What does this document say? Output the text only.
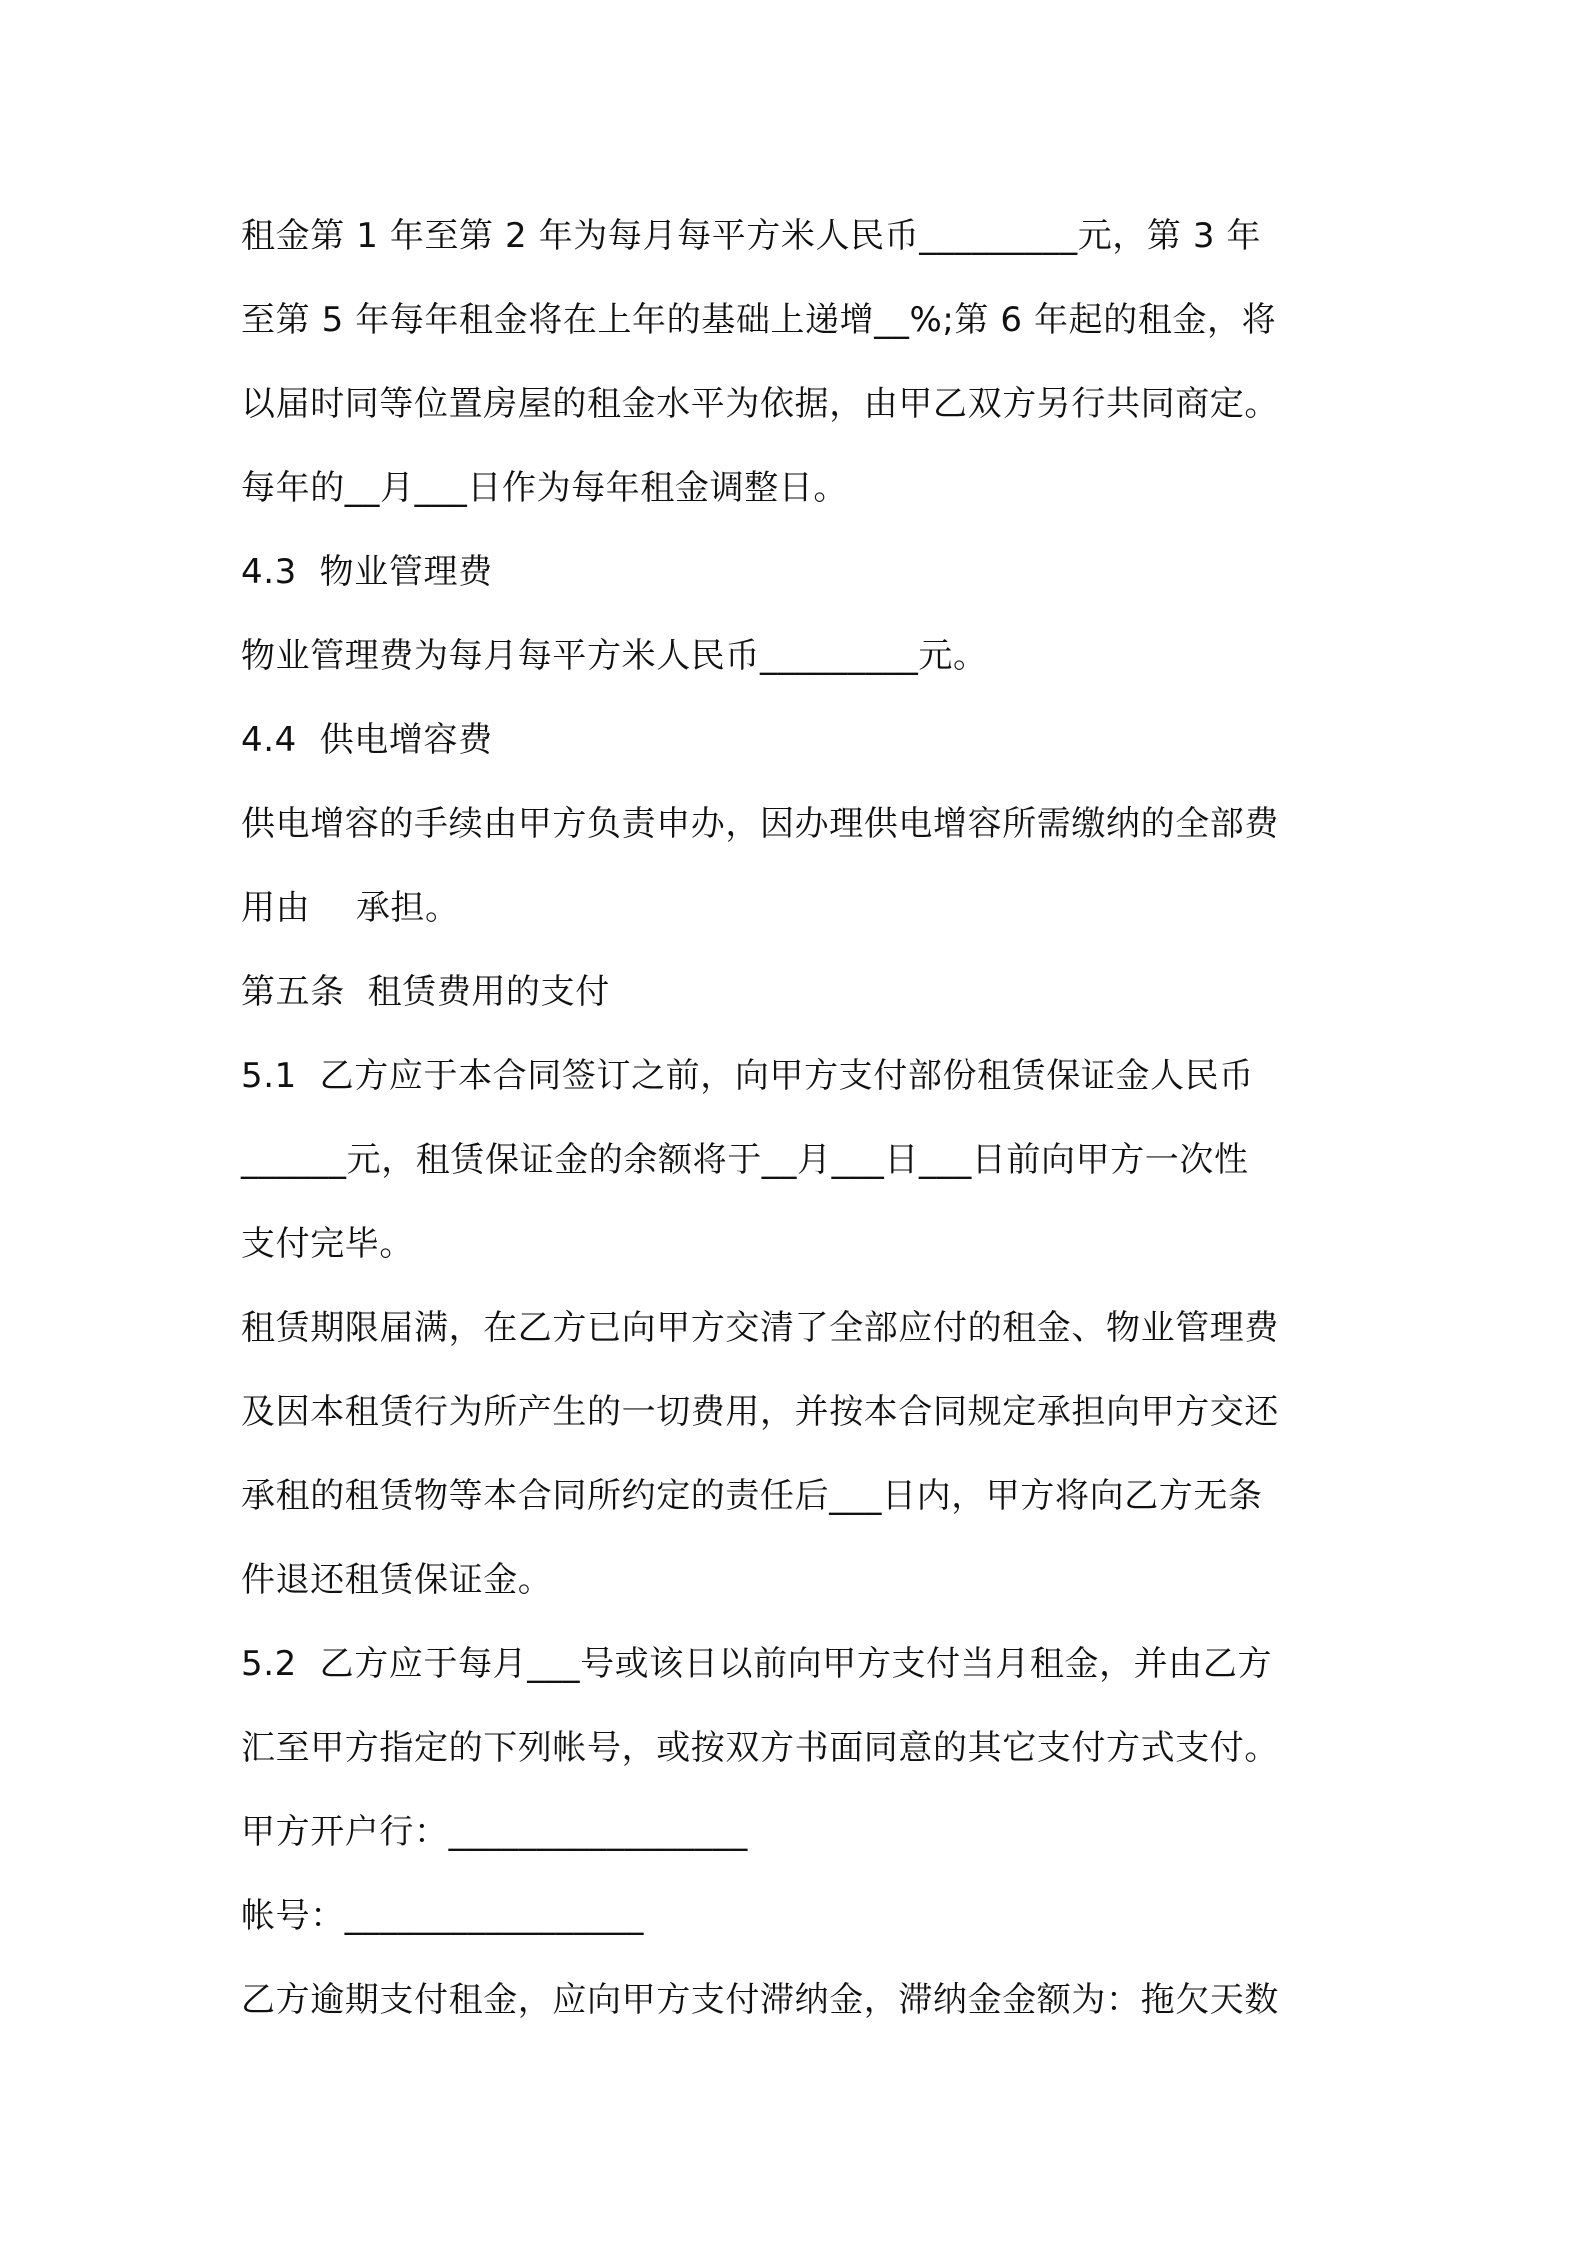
租金第 1 年至第 2 年为每月每平方米人民币_________元，第 3 年
至第 5 年每年租金将在上年的基础上递增__%;第 6 年起的租金，将
以届时同等位置房屋的租金水平为依据，由甲乙双方另行共同商定。
每年的__月___日作为每年租金调整日。
4.3  物业管理费
物业管理费为每月每平方米人民币_________元。
4.4  供电增容费
供电增容的手续由甲方负责申办，因办理供电增容所需缴纳的全部费
用由    承担。
第五条  租赁费用的支付
5.1  乙方应于本合同签订之前，向甲方支付部份租赁保证金人民币
______元，租赁保证金的余额将于__月___日___日前向甲方一次性
支付完毕。
租赁期限届满，在乙方已向甲方交清了全部应付的租金、物业管理费
及因本租赁行为所产生的一切费用，并按本合同规定承担向甲方交还
承租的租赁物等本合同所约定的责任后___日内，甲方将向乙方无条
件退还租赁保证金。
5.2  乙方应于每月___号或该日以前向甲方支付当月租金，并由乙方
汇至甲方指定的下列帐号，或按双方书面同意的其它支付方式支付。
甲方开户行：_________________
帐号：_________________
乙方逾期支付租金，应向甲方支付滞纳金，滞纳金金额为：拖欠天数
